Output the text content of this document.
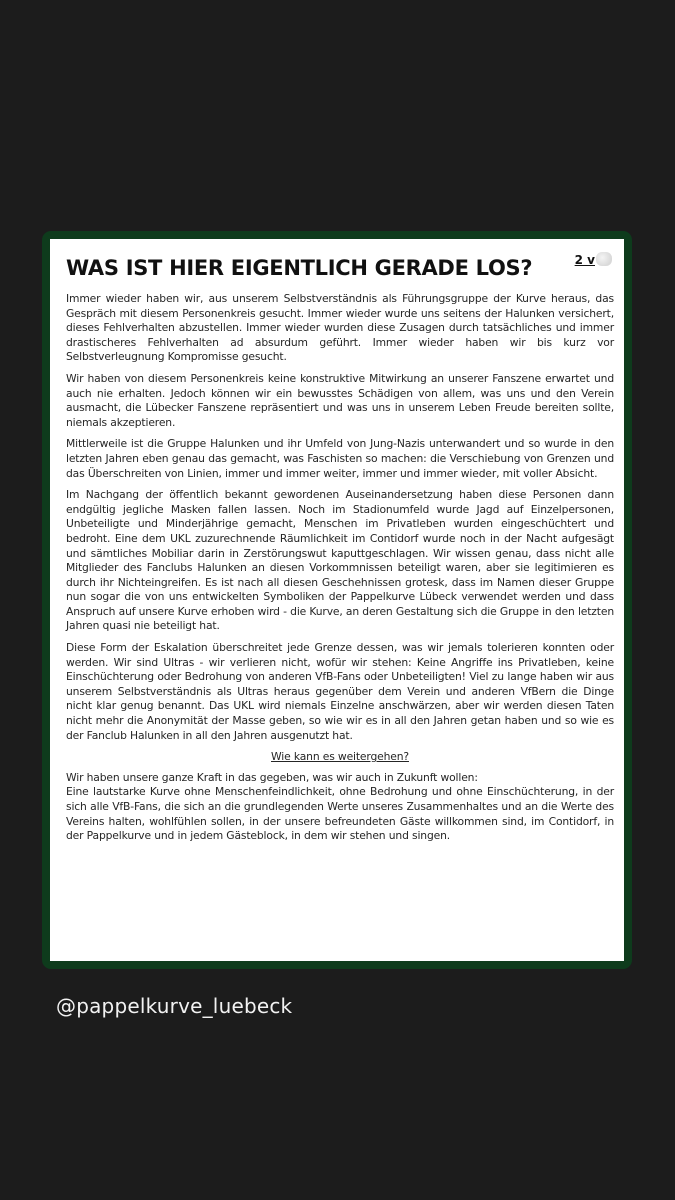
WAS IST HIER EIGENTLICH GERADE LOS?	2 v

Immer wieder haben wir, aus unserem Selbstverständnis als Führungsgruppe der Kurve heraus, das Gespräch mit diesem Personenkreis gesucht. Immer wieder wurde uns seitens der Halunken versichert, dieses Fehlverhalten abzustellen. Immer wieder wurden diese Zusagen durch tatsächliches und immer drastischeres Fehlverhalten ad absurdum geführt. Immer wieder haben wir bis kurz vor Selbstverleugnung Kompromisse gesucht.

Wir haben von diesem Personenkreis keine konstruktive Mitwirkung an unserer Fanszene erwartet und auch nie erhalten. Jedoch können wir ein bewusstes Schädigen von allem, was uns und den Verein ausmacht, die Lübecker Fanszene repräsentiert und was uns in unserem Leben Freude bereiten sollte, niemals akzeptieren.

Mittlerweile ist die Gruppe Halunken und ihr Umfeld von Jung-Nazis unterwandert und so wurde in den letzten Jahren eben genau das gemacht, was Faschisten so machen: die Verschiebung von Grenzen und das Überschreiten von Linien, immer und immer weiter, immer und immer wieder, mit voller Absicht.

Im Nachgang der öffentlich bekannt gewordenen Auseinandersetzung haben diese Personen dann endgültig jegliche Masken fallen lassen. Noch im Stadionumfeld wurde Jagd auf Einzelpersonen, Unbeteiligte und Minderjährige gemacht, Menschen im Privatleben wurden eingeschüchtert und bedroht. Eine dem UKL zuzurechnende Räumlichkeit im Contidorf wurde noch in der Nacht aufgesägt und sämtliches Mobiliar darin in Zerstörungswut kaputtgeschlagen. Wir wissen genau, dass nicht alle Mitglieder des Fanclubs Halunken an diesen Vorkommnissen beteiligt waren, aber sie legitimieren es durch ihr Nichteingreifen. Es ist nach all diesen Geschehnissen grotesk, dass im Namen dieser Gruppe nun sogar die von uns entwickelten Symboliken der Pappelkurve Lübeck verwendet werden und dass Anspruch auf unsere Kurve erhoben wird - die Kurve, an deren Gestaltung sich die Gruppe in den letzten Jahren quasi nie beteiligt hat.

Diese Form der Eskalation überschreitet jede Grenze dessen, was wir jemals tolerieren konnten oder werden. Wir sind Ultras - wir verlieren nicht, wofür wir stehen: Keine Angriffe ins Privatleben, keine Einschüchterung oder Bedrohung von anderen VfB-Fans oder Unbeteiligten! Viel zu lange haben wir aus unserem Selbstverständnis als Ultras heraus gegenüber dem Verein und anderen VfBern die Dinge nicht klar genug benannt. Das UKL wird niemals Einzelne anschwärzen, aber wir werden diesen Taten nicht mehr die Anonymität der Masse geben, so wie wir es in all den Jahren getan haben und so wie es der Fanclub Halunken in all den Jahren ausgenutzt hat.

Wie kann es weitergehen?

Wir haben unsere ganze Kraft in das gegeben, was wir auch in Zukunft wollen:
Eine lautstarke Kurve ohne Menschenfeindlichkeit, ohne Bedrohung und ohne Einschüchterung, in der sich alle VfB-Fans, die sich an die grundlegenden Werte unseres Zusammenhaltes und an die Werte des Vereins halten, wohlfühlen sollen, in der unsere befreundeten Gäste willkommen sind, im Contidorf, in der Pappelkurve und in jedem Gästeblock, in dem wir stehen und singen.

@pappelkurve_luebeck
